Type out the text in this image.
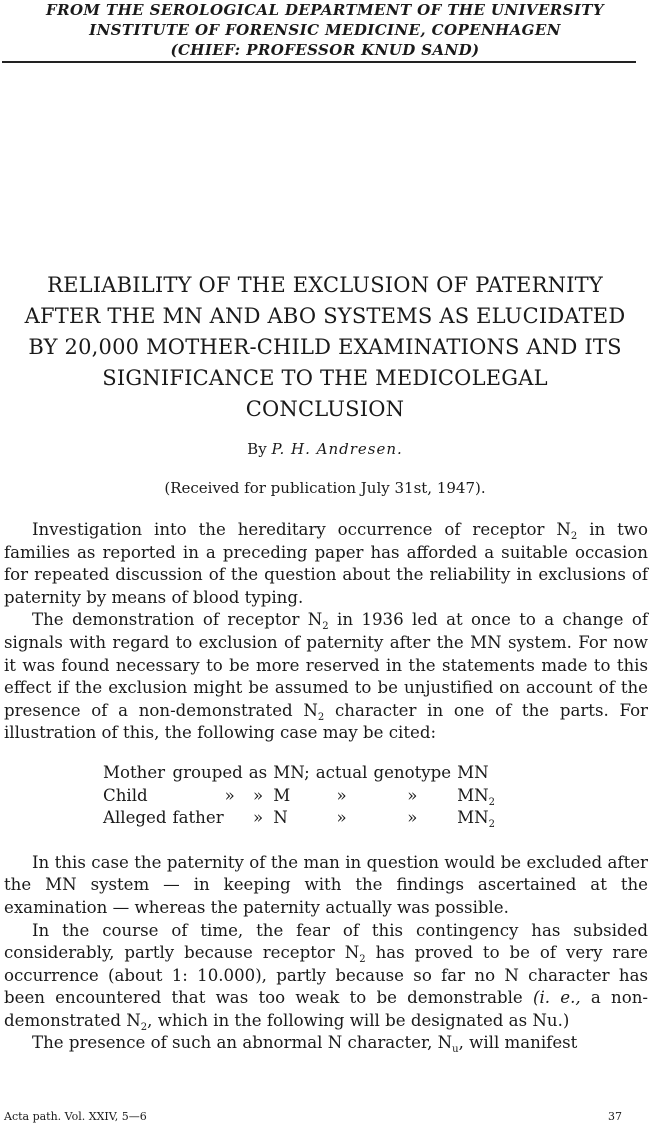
FROM THE SEROLOGICAL DEPARTMENT OF THE UNIVERSITY
INSTITUTE OF FORENSIC MEDICINE, COPENHAGEN
(CHIEF: PROFESSOR KNUD SAND)
RELIABILITY OF THE EXCLUSION OF PATERNITY
AFTER THE MN AND ABO SYSTEMS AS ELUCIDATED
BY 20,000 MOTHER-CHILD EXAMINATIONS AND ITS
SIGNIFICANCE TO THE MEDICOLEGAL
CONCLUSION
By P. H. Andresen.
(Received for publication July 31st, 1947).

Investigation into the hereditary occurrence of receptor $N_2$ in two families as reported in a preceding paper has afforded a suitable occasion for repeated discussion of the question about the reliability in exclusions of paternity by means of blood typing.

The demonstration of receptor $N_2$ in 1936 led at once to a change of signals with regard to exclusion of paternity after the MN system. For now it was found necessary to be more reserved in the statements made to this effect if the exclusion might be assumed to be unjustified on account of the presence of a non-demonstrated $N_2$ character in one of the parts. For illustration of this, the following case may be cited:

Mother	grouped	as	MN;	actual	genotype	MN
Child	»	»	M	»	»	$MN_2$
Alleged	father	»	N	»	»	$MN_2$

In this case the paternity of the man in question would be excluded after the MN system — in keeping with the findings ascertained at the examination — whereas the paternity actually was possible.

In the course of time, the fear of this contingency has subsided considerably, partly because receptor $N_2$ has proved to be of very rare occurrence (about 1: 10.000), partly because so far no N character has been encountered that was too weak to be demonstrable (i. e., a non-demonstrated $N_2$, which in the following will be designated as Nu.)

The presence of such an abnormal N character, $N_u$, will manifest

Acta path. Vol. XXIV, 5—6	37
